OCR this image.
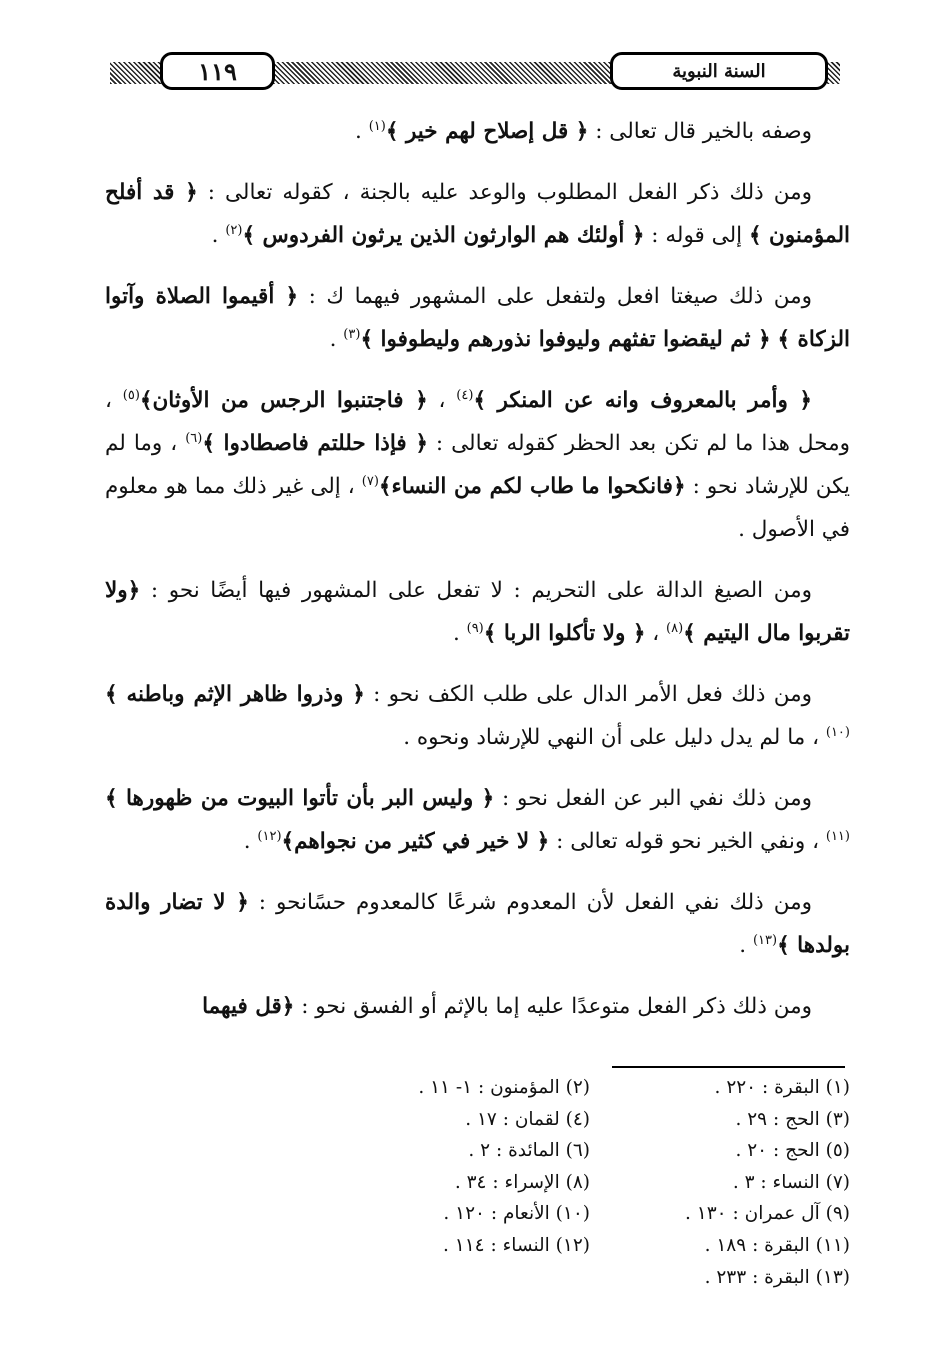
١١٩	السنة النبوية

وصفه بالخير قال تعالى : ﴿ قل إصلاح لهم خير ﴾$^{(١)}$ .

ومن ذلك ذكر الفعل المطلوب والوعد عليه بالجنة ، كقوله تعالى : ﴿ قد أفلح المؤمنون ﴾ إلى قوله : ﴿ أولئك هم الوارثون الذين يرثون الفردوس ﴾$^{(٢)}$ .

ومن ذلك صيغتا افعل ولتفعل على المشهور فيهما ك : ﴿ أقيموا الصلاة وآتوا الزكاة ﴾ ﴿ ثم ليقضوا تفثهم وليوفوا نذورهم وليطوفوا ﴾$^{(٣)}$ .

﴿ وأمر بالمعروف وانه عن المنكر ﴾$^{(٤)}$ ، ﴿ فاجتنبوا الرجس من الأوثان﴾$^{(٥)}$ ، ومحل هذا ما لم تكن بعد الحظر كقوله تعالى : ﴿ فإذا حللتم فاصطادوا ﴾$^{(٦)}$ ، وما لم يكن للإرشاد نحو : ﴿فانكحوا ما طاب لكم من النساء﴾$^{(٧)}$ ، إلى غير ذلك مما هو معلوم في الأصول .

ومن الصيغ الدالة على التحريم : لا تفعل على المشهور فيها أيضًا نحو : ﴿ولا تقربوا مال اليتيم ﴾$^{(٨)}$ ، ﴿ ولا تأكلوا الربا ﴾$^{(٩)}$ .

ومن ذلك فعل الأمر الدال على طلب الكف نحو : ﴿ وذروا ظاهر الإثم وباطنه ﴾$^{(١٠)}$ ، ما لم يدل دليل على أن النهي للإرشاد ونحوه .

ومن ذلك نفي البر عن الفعل نحو : ﴿ وليس البر بأن تأتوا البيوت من ظهورها ﴾$^{(١١)}$ ، ونفي الخير نحو قوله تعالى : ﴿ لا خير في كثير من نجواهم﴾$^{(١٢)}$ .

ومن ذلك نفي الفعل لأن المعدوم شرعًا كالمعدوم حسًانحو : ﴿ لا تضار والدة بولدها ﴾$^{(١٣)}$ .

ومن ذلك ذكر الفعل متوعدًا عليه إما بالإثم أو الفسق نحو : ﴿قل فيهما

(١) البقرة : ٢٢٠ .
(٢) المؤمنون : ١- ١١ .
(٣) الحج : ٢٩ .
(٤) لقمان : ١٧ .
(٥) الحج : ٢٠ .
(٦) المائدة : ٢ .
(٧) النساء : ٣ .
(٨) الإسراء : ٣٤ .
(٩) آل عمران : ١٣٠ .
(١٠) الأنعام : ١٢٠ .
(١١) البقرة : ١٨٩ .
(١٢) النساء : ١١٤ .
(١٣) البقرة : ٢٣٣ .
